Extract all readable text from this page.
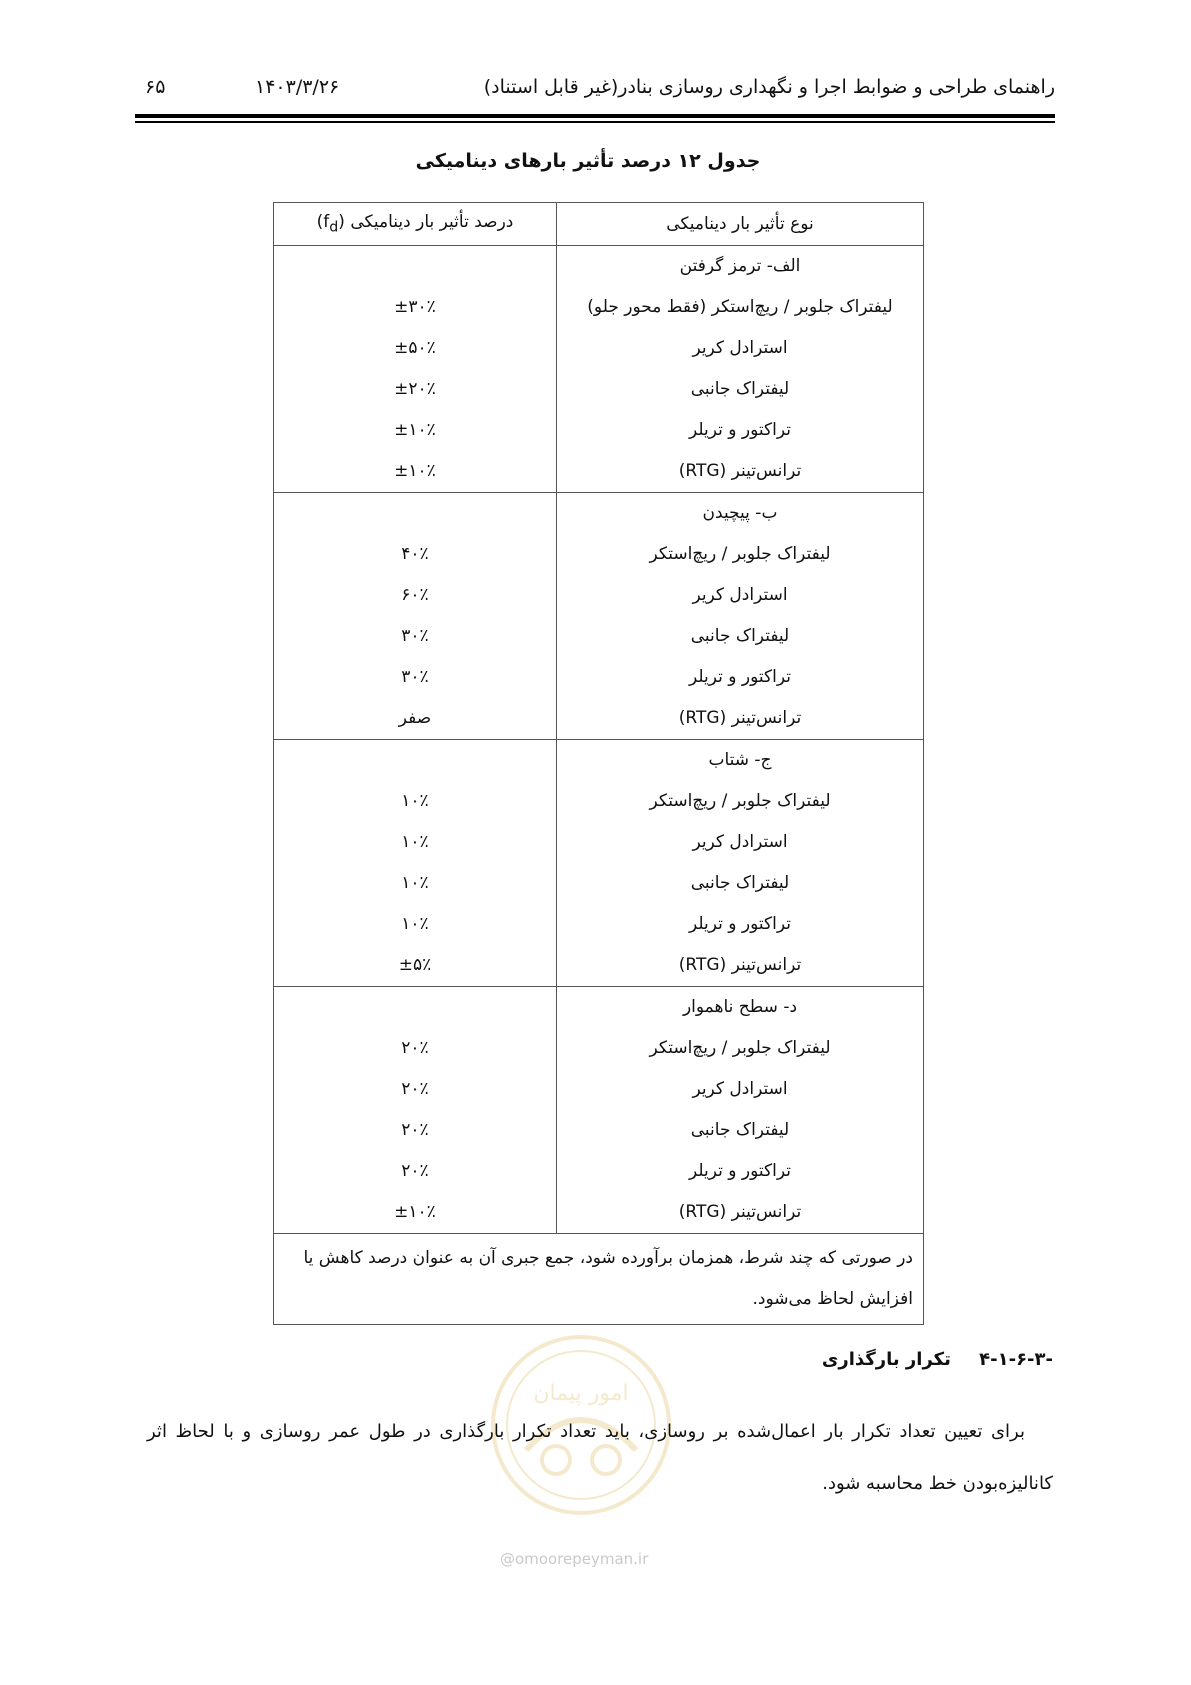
راهنمای طراحی و ضوابط اجرا و نگهداری روسازی بنادر(غیر قابل استناد)
۱۴۰۳/۳/۲۶
۶۵
جدول ۱۲ درصد تأثیر بارهای دینامیکی
نوع تأثیر بار دینامیکی	درصد تأثیر بار دینامیکی $(f_d)$
الف- ترمز گرفتن	
لیفتراک جلوبر / ریچ‌استکر (فقط محور جلو)	±۳۰٪
استرادل کریر	±۵۰٪
لیفتراک جانبی	±۲۰٪
تراکتور و تریلر	±۱۰٪
ترانس‌تینر (RTG)	±۱۰٪
ب- پیچیدن	
لیفتراک جلوبر / ریچ‌استکر	۴۰٪
استرادل کریر	۶۰٪
لیفتراک جانبی	۳۰٪
تراکتور و تریلر	۳۰٪
ترانس‌تینر (RTG)	صفر
ج- شتاب	
لیفتراک جلوبر / ریچ‌استکر	۱۰٪
استرادل کریر	۱۰٪
لیفتراک جانبی	۱۰٪
تراکتور و تریلر	۱۰٪
ترانس‌تینر (RTG)	±۵٪
د- سطح ناهموار	
لیفتراک جلوبر / ریچ‌استکر	۲۰٪
استرادل کریر	۲۰٪
لیفتراک جانبی	۲۰٪
تراکتور و تریلر	۲۰٪
ترانس‌تینر (RTG)	±۱۰٪
در صورتی که چند شرط، همزمان برآورده شود، جمع جبری آن به عنوان درصد کاهش یا افزایش لحاظ می‌شود.	
امور پیمان
@omoorepeyman.ir
-۴-۱-۶-۳ تکرار بارگذاری
برای تعیین تعداد تکرار بار اعمال‌شده بر روسازی، باید تعداد تکرار بارگذاری در طول عمر روسازی و با لحاظ اثر کانالیزه‌بودن خط محاسبه شود.
